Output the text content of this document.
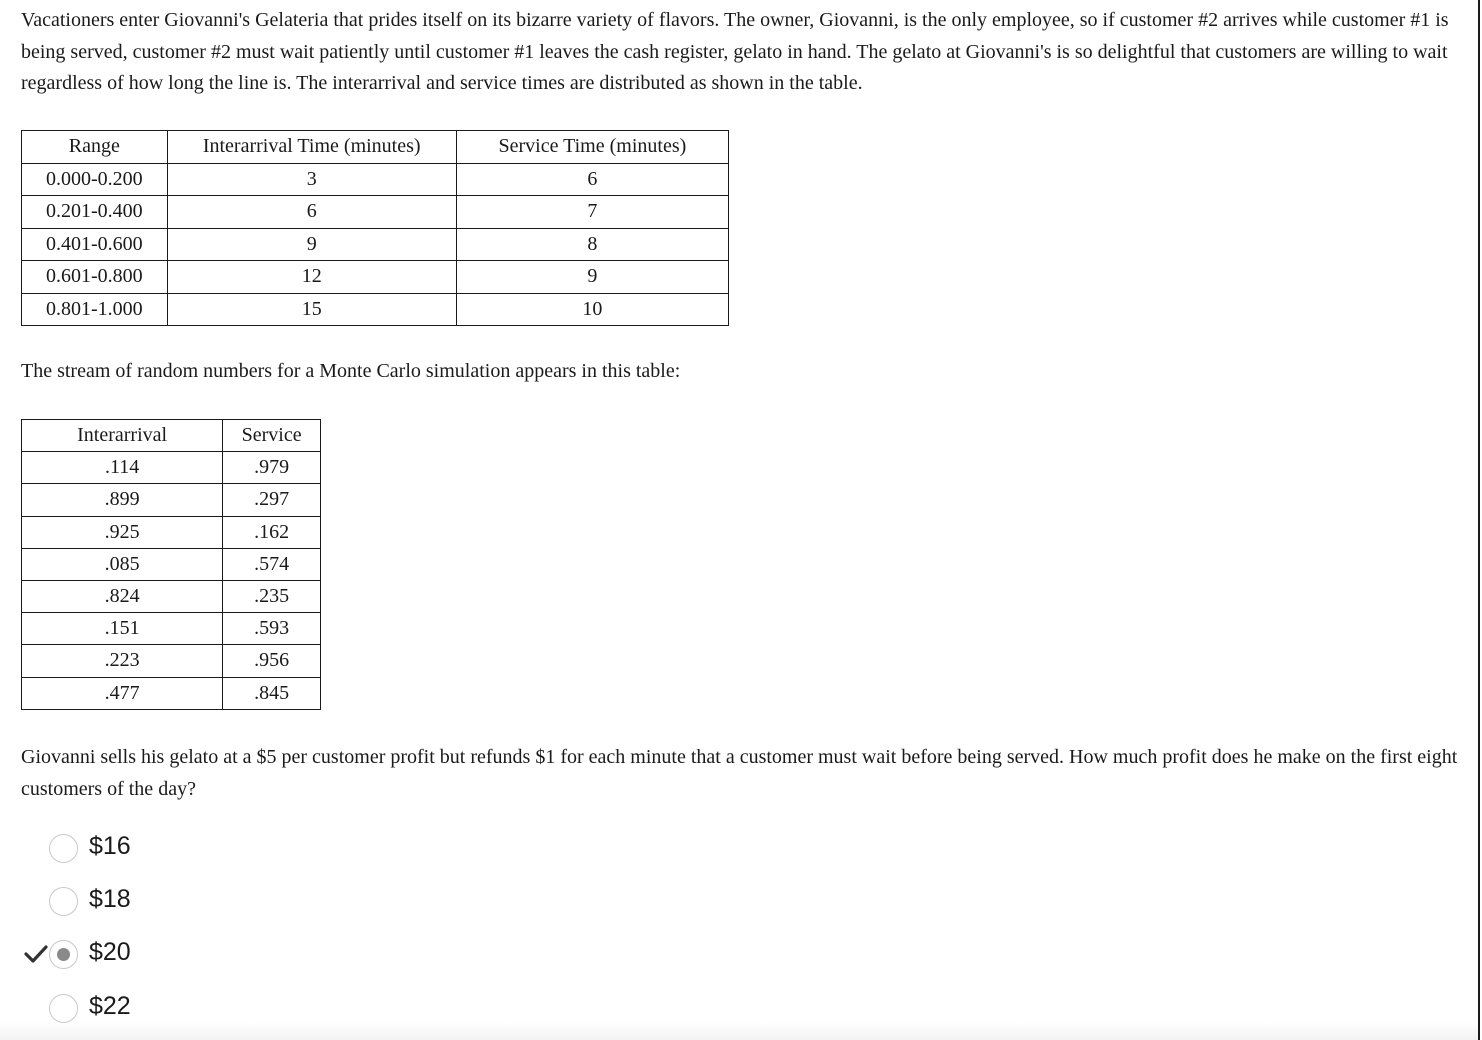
Vacationers enter Giovanni's Gelateria that prides itself on its bizarre variety of flavors. The owner, Giovanni, is the only employee, so if customer #2 arrives while customer #1 is being served, customer #2 must wait patiently until customer #1 leaves the cash register, gelato in hand. The gelato at Giovanni's is so delightful that customers are willing to wait regardless of how long the line is. The interarrival and service times are distributed as shown in the table.

Range	Interarrival Time (minutes)	Service Time (minutes)
0.000-0.200	3	6
0.201-0.400	6	7
0.401-0.600	9	8
0.601-0.800	12	9
0.801-1.000	15	10

The stream of random numbers for a Monte Carlo simulation appears in this table:

Interarrival	Service
.114	.979
.899	.297
.925	.162
.085	.574
.824	.235
.151	.593
.223	.956
.477	.845

Giovanni sells his gelato at a $5 per customer profit but refunds $1 for each minute that a customer must wait before being served. How much profit does he make on the first eight customers of the day?

$16
$18
$20
$22
